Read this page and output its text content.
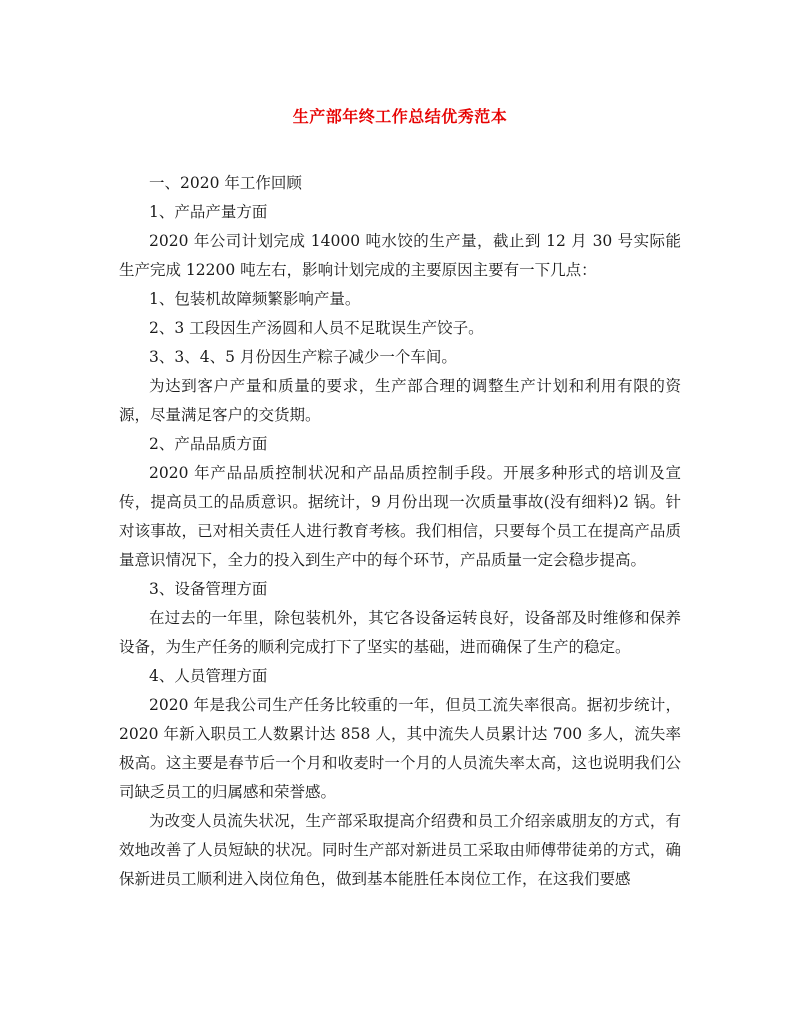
生产部年终工作总结优秀范本

一、2020 年工作回顾

1、产品产量方面

2020 年公司计划完成 14000 吨水饺的生产量，截止到 12 月 30 号实际能生产完成 12200 吨左右，影响计划完成的主要原因主要有一下几点：

1、包装机故障频繁影响产量。

2、3 工段因生产汤圆和人员不足耽误生产饺子。

3、3、4、5 月份因生产粽子减少一个车间。

为达到客户产量和质量的要求，生产部合理的调整生产计划和利用有限的资源，尽量满足客户的交货期。

2、产品品质方面

2020 年产品品质控制状况和产品品质控制手段。开展多种形式的培训及宣传，提高员工的品质意识。据统计，9 月份出现一次质量事故(没有细料)2 锅。针对该事故，已对相关责任人进行教育考核。我们相信，只要每个员工在提高产品质量意识情况下，全力的投入到生产中的每个环节，产品质量一定会稳步提高。

3、设备管理方面

在过去的一年里，除包装机外，其它各设备运转良好，设备部及时维修和保养设备，为生产任务的顺利完成打下了坚实的基础，进而确保了生产的稳定。

4、人员管理方面

2020 年是我公司生产任务比较重的一年，但员工流失率很高。据初步统计，2020 年新入职员工人数累计达 858 人，其中流失人员累计达 700 多人，流失率极高。这主要是春节后一个月和收麦时一个月的人员流失率太高，这也说明我们公司缺乏员工的归属感和荣誉感。

为改变人员流失状况，生产部采取提高介绍费和员工介绍亲戚朋友的方式，有效地改善了人员短缺的状况。同时生产部对新进员工采取由师傅带徒弟的方式，确保新进员工顺利进入岗位角色，做到基本能胜任本岗位工作，在这我们要感
